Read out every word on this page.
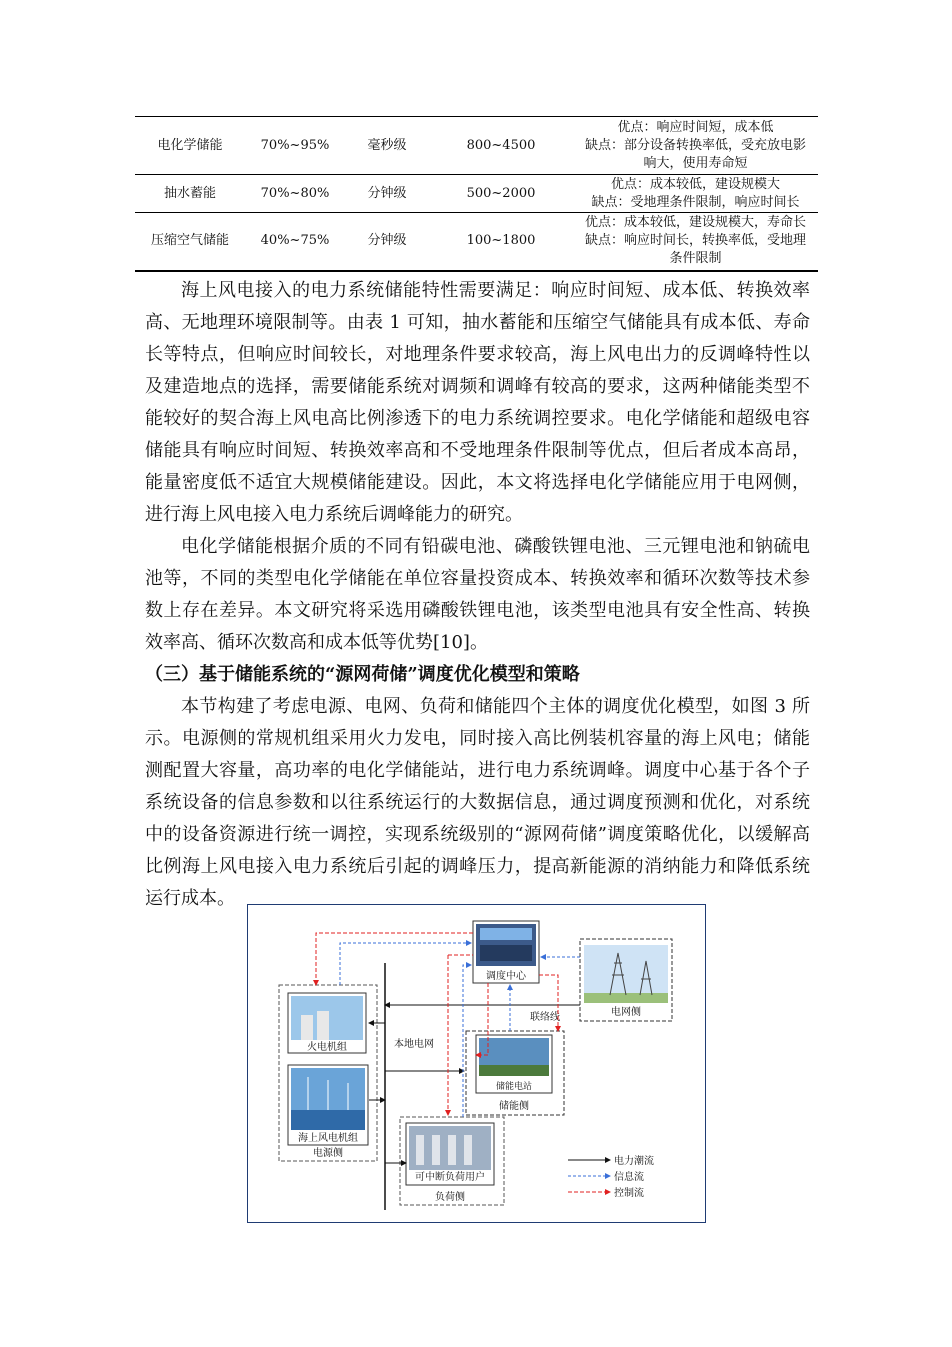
电化学储能	70%~95%	毫秒级	800~4500	优点：响应时间短，成本低
缺点：部分设备转换率低，受充放电影
响大，使用寿命短

抽水蓄能	70%~80%	分钟级	500~2000	优点：成本较低，建设规模大
缺点：受地理条件限制，响应时间长

压缩空气储能	40%~75%	分钟级	100~1800	优点：成本较低，建设规模大，寿命长
缺点：响应时间长，转换率低，受地理
条件限制

海上风电接入的电力系统储能特性需要满足：响应时间短、成本低、转换效率高、无地理环境限制等。由表 1 可知，抽水蓄能和压缩空气储能具有成本低、寿命长等特点，但响应时间较长，对地理条件要求较高，海上风电出力的反调峰特性以及建造地点的选择，需要储能系统对调频和调峰有较高的要求，这两种储能类型不能较好的契合海上风电高比例渗透下的电力系统调控要求。电化学储能和超级电容储能具有响应时间短、转换效率高和不受地理条件限制等优点，但后者成本高昂，能量密度低不适宜大规模储能建设。因此，本文将选择电化学储能应用于电网侧，进行海上风电接入电力系统后调峰能力的研究。

电化学储能根据介质的不同有铅碳电池、磷酸铁锂电池、三元锂电池和钠硫电池等，不同的类型电化学储能在单位容量投资成本、转换效率和循环次数等技术参数上存在差异。本文研究将采选用磷酸铁锂电池，该类型电池具有安全性高、转换效率高、循环次数高和成本低等优势[10]。

（三）基于储能系统的“源网荷储”调度优化模型和策略

本节构建了考虑电源、电网、负荷和储能四个主体的调度优化模型，如图 3 所示。电源侧的常规机组采用火力发电，同时接入高比例装机容量的海上风电；储能测配置大容量，高功率的电化学储能站，进行电力系统调峰。调度中心基于各个子系统设备的信息参数和以往系统运行的大数据信息，通过调度预测和优化，对系统中的设备资源进行统一调控，实现系统级别的“源网荷储”调度策略优化，以缓解高比例海上风电接入电力系统后引起的调峰压力，提高新能源的消纳能力和降低系统运行成本。

调度中心
电网侧
本地电网
联络线
火电机组
海上风电机组
电源侧
储能电站
储能侧
可中断负荷用户
负荷侧
电力潮流
信息流
控制流
